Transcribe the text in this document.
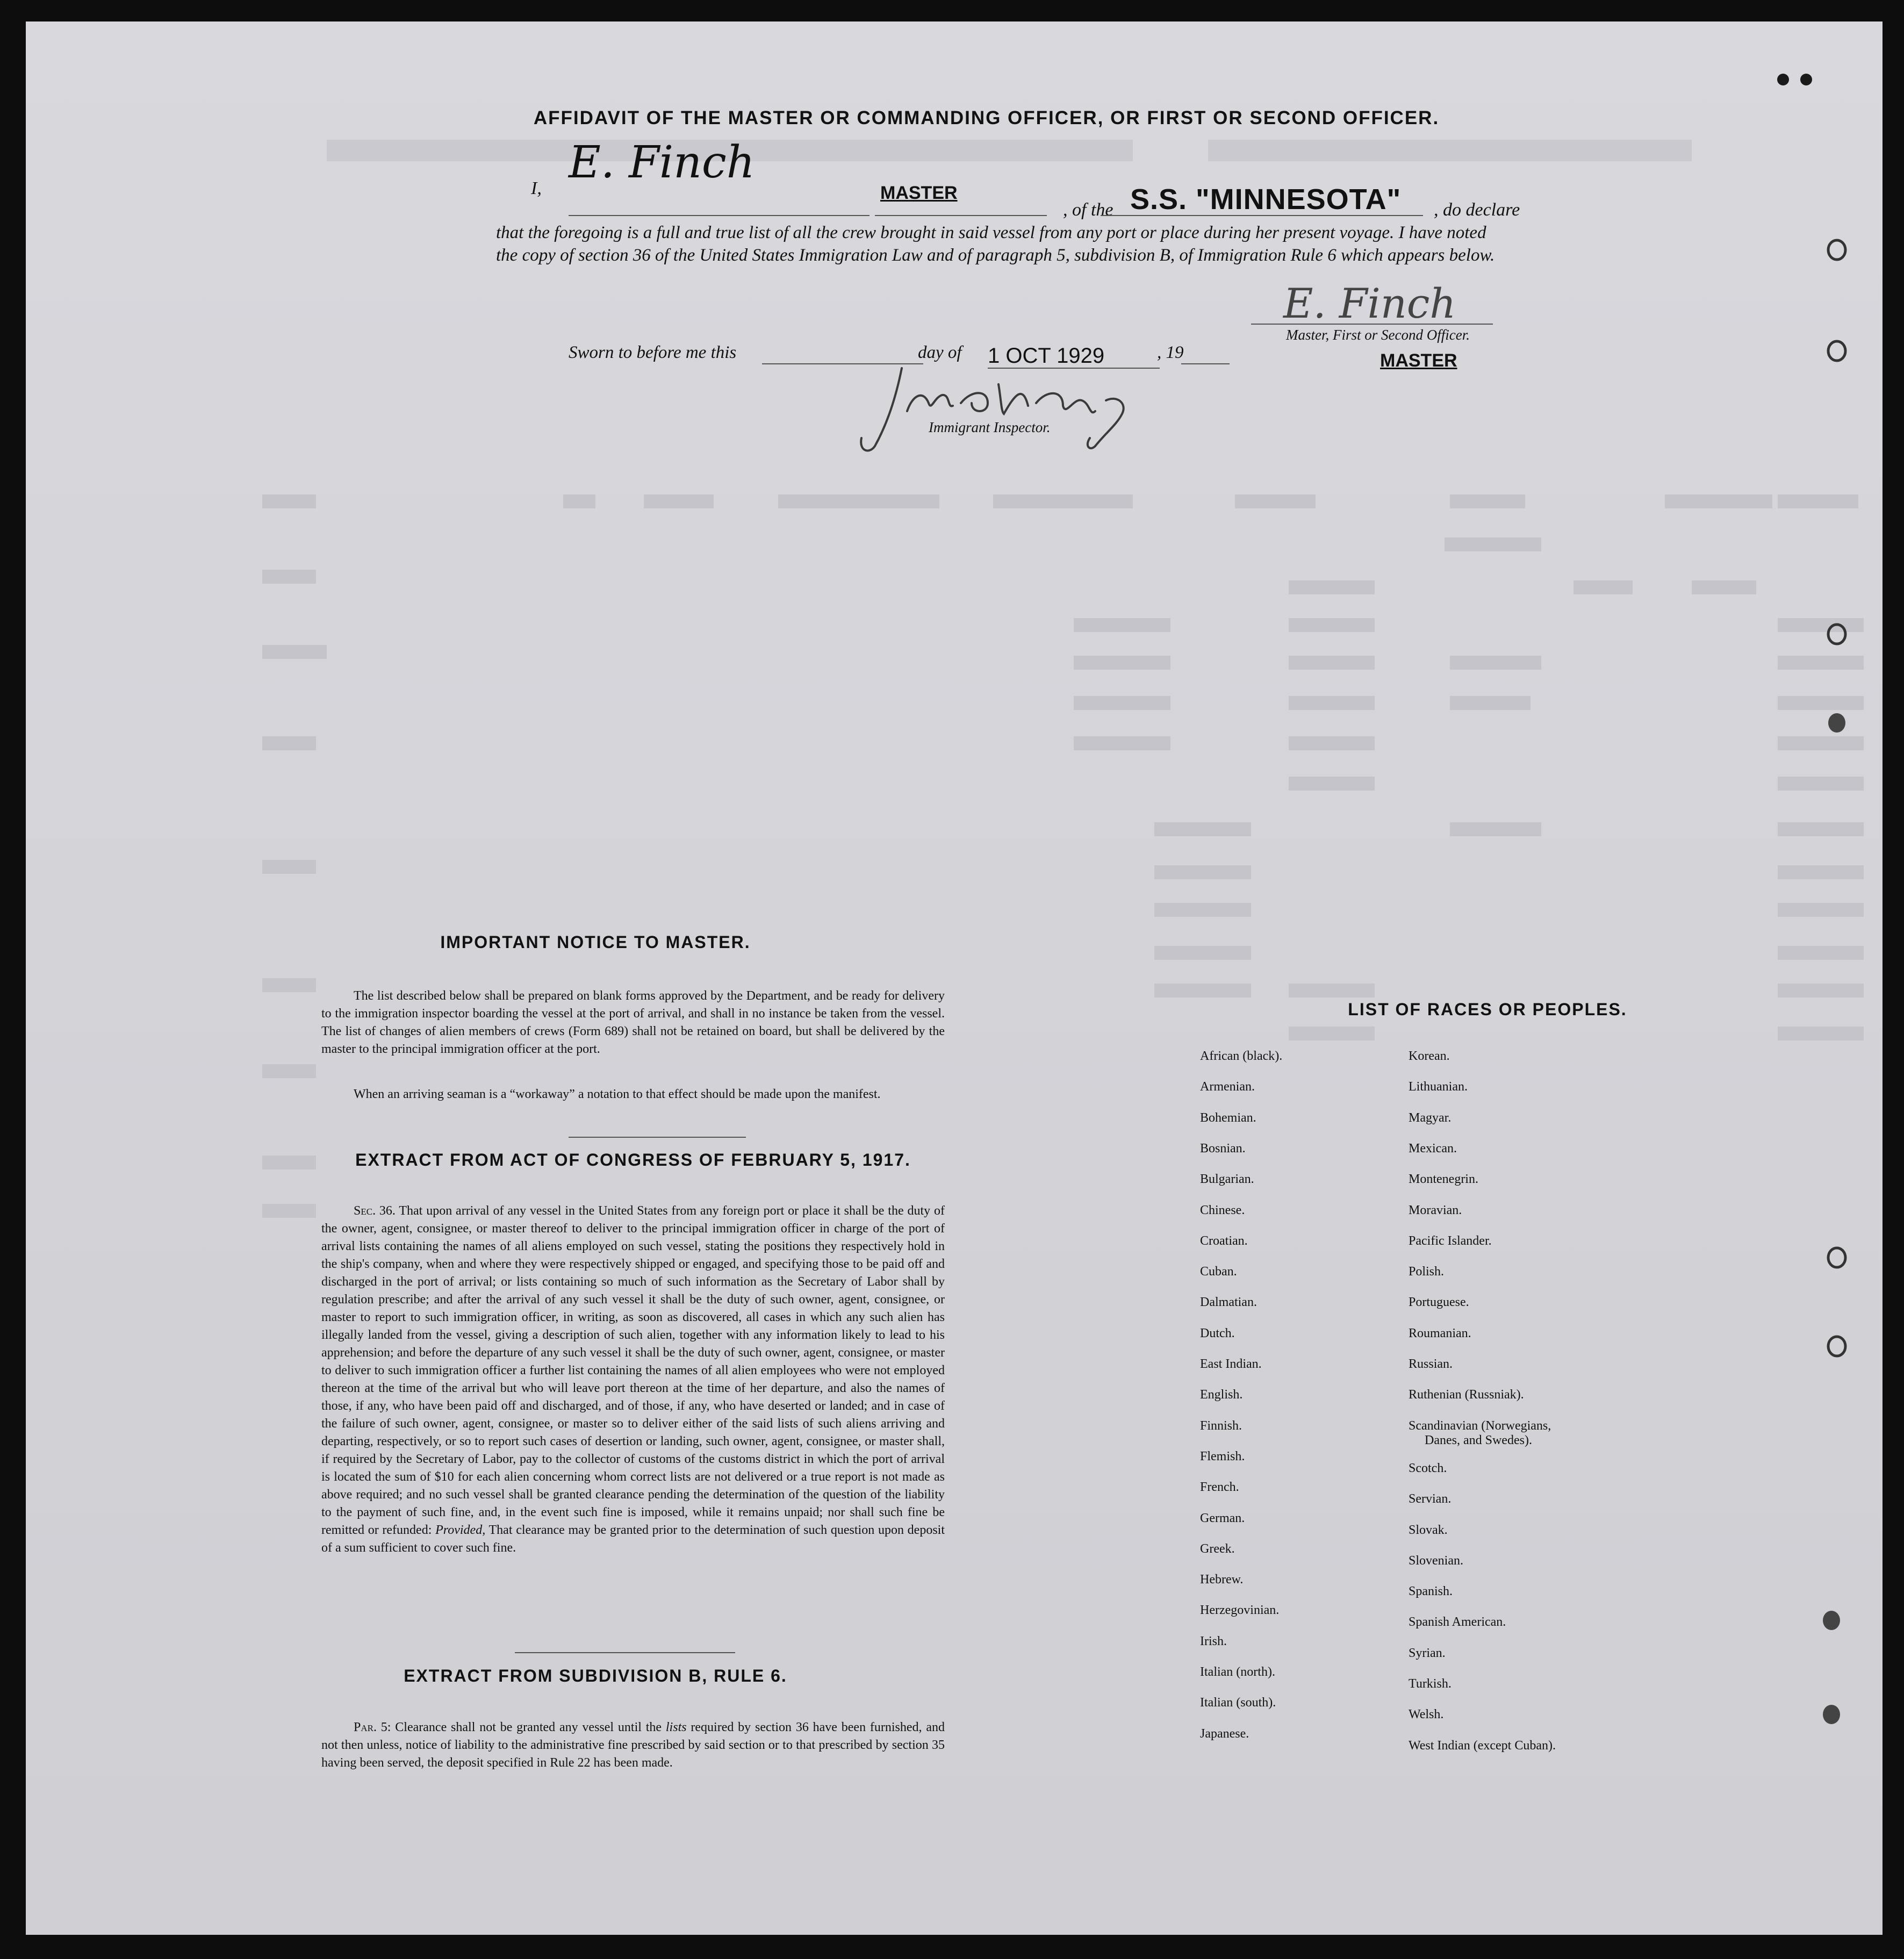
AFFIDAVIT OF THE MASTER OR COMMANDING OFFICER, OR FIRST OR SECOND OFFICER.
I,
E. Finch
MASTER
, of the S.S. "MINNESOTA" , do declare
that the foregoing is a full and true list of all the crew brought in said vessel from any port or place during her present voyage. I have noted the copy of section 36 of the United States Immigration Law and of paragraph 5, subdivision B, of Immigration Rule 6 which appears below.
E. Finch
Master, First or Second Officer.
MASTER
Sworn to before me this	day of 1 OCT 1929	, 19
Immigrant Inspector.
IMPORTANT NOTICE TO MASTER.
The list described below shall be prepared on blank forms approved by the Department, and be ready for delivery to the immigration inspector boarding the vessel at the port of arrival, and shall in no instance be taken from the vessel. The list of changes of alien members of crews (Form 689) shall not be retained on board, but shall be delivered by the master to the principal immigration officer at the port.
When an arriving seaman is a “workaway” a notation to that effect should be made upon the manifest.
EXTRACT FROM ACT OF CONGRESS OF FEBRUARY 5, 1917.
Sec. 36. That upon arrival of any vessel in the United States from any foreign port or place it shall be the duty of the owner, agent, consignee, or master thereof to deliver to the principal immigration officer in charge of the port of arrival lists containing the names of all aliens employed on such vessel, stating the positions they respectively hold in the ship's company, when and where they were respectively shipped or engaged, and specifying those to be paid off and discharged in the port of arrival; or lists containing so much of such information as the Secretary of Labor shall by regulation prescribe; and after the arrival of any such vessel it shall be the duty of such owner, agent, consignee, or master to report to such immigration officer, in writing, as soon as discovered, all cases in which any such alien has illegally landed from the vessel, giving a description of such alien, together with any information likely to lead to his apprehension; and before the departure of any such vessel it shall be the duty of such owner, agent, consignee, or master to deliver to such immigration officer a further list containing the names of all alien employees who were not employed thereon at the time of the arrival but who will leave port thereon at the time of her departure, and also the names of those, if any, who have been paid off and discharged, and of those, if any, who have deserted or landed; and in case of the failure of such owner, agent, consignee, or master so to deliver either of the said lists of such aliens arriving and departing, respectively, or so to report such cases of desertion or landing, such owner, agent, consignee, or master shall, if required by the Secretary of Labor, pay to the collector of customs of the customs district in which the port of arrival is located the sum of $10 for each alien concerning whom correct lists are not delivered or a true report is not made as above required; and no such vessel shall be granted clearance pending the determination of the question of the liability to the payment of such fine, and, in the event such fine is imposed, while it remains unpaid; nor shall such fine be remitted or refunded: Provided, That clearance may be granted prior to the determination of such question upon deposit of a sum sufficient to cover such fine.
EXTRACT FROM SUBDIVISION B, RULE 6.
Par. 5: Clearance shall not be granted any vessel until the lists required by section 36 have been furnished, and not then unless, notice of liability to the administrative fine prescribed by said section or to that prescribed by section 35 having been served, the deposit specified in Rule 22 has been made.
LIST OF RACES OR PEOPLES.
African (black).
Armenian.
Bohemian.
Bosnian.
Bulgarian.
Chinese.
Croatian.
Cuban.
Dalmatian.
Dutch.
East Indian.
English.
Finnish.
Flemish.
French.
German.
Greek.
Hebrew.
Herzegovinian.
Irish.
Italian (north).
Italian (south).
Japanese.
Korean.
Lithuanian.
Magyar.
Mexican.
Montenegrin.
Moravian.
Pacific Islander.
Polish.
Portuguese.
Roumanian.
Russian.
Ruthenian (Russniak).
Scandinavian (Norwegians,
Scotch.
Servian.
Slovak.
Slovenian.
Spanish.
Spanish American.
Syrian.
Turkish.
Welsh.
West Indian (except Cuban).
Danes, and Swedes).
